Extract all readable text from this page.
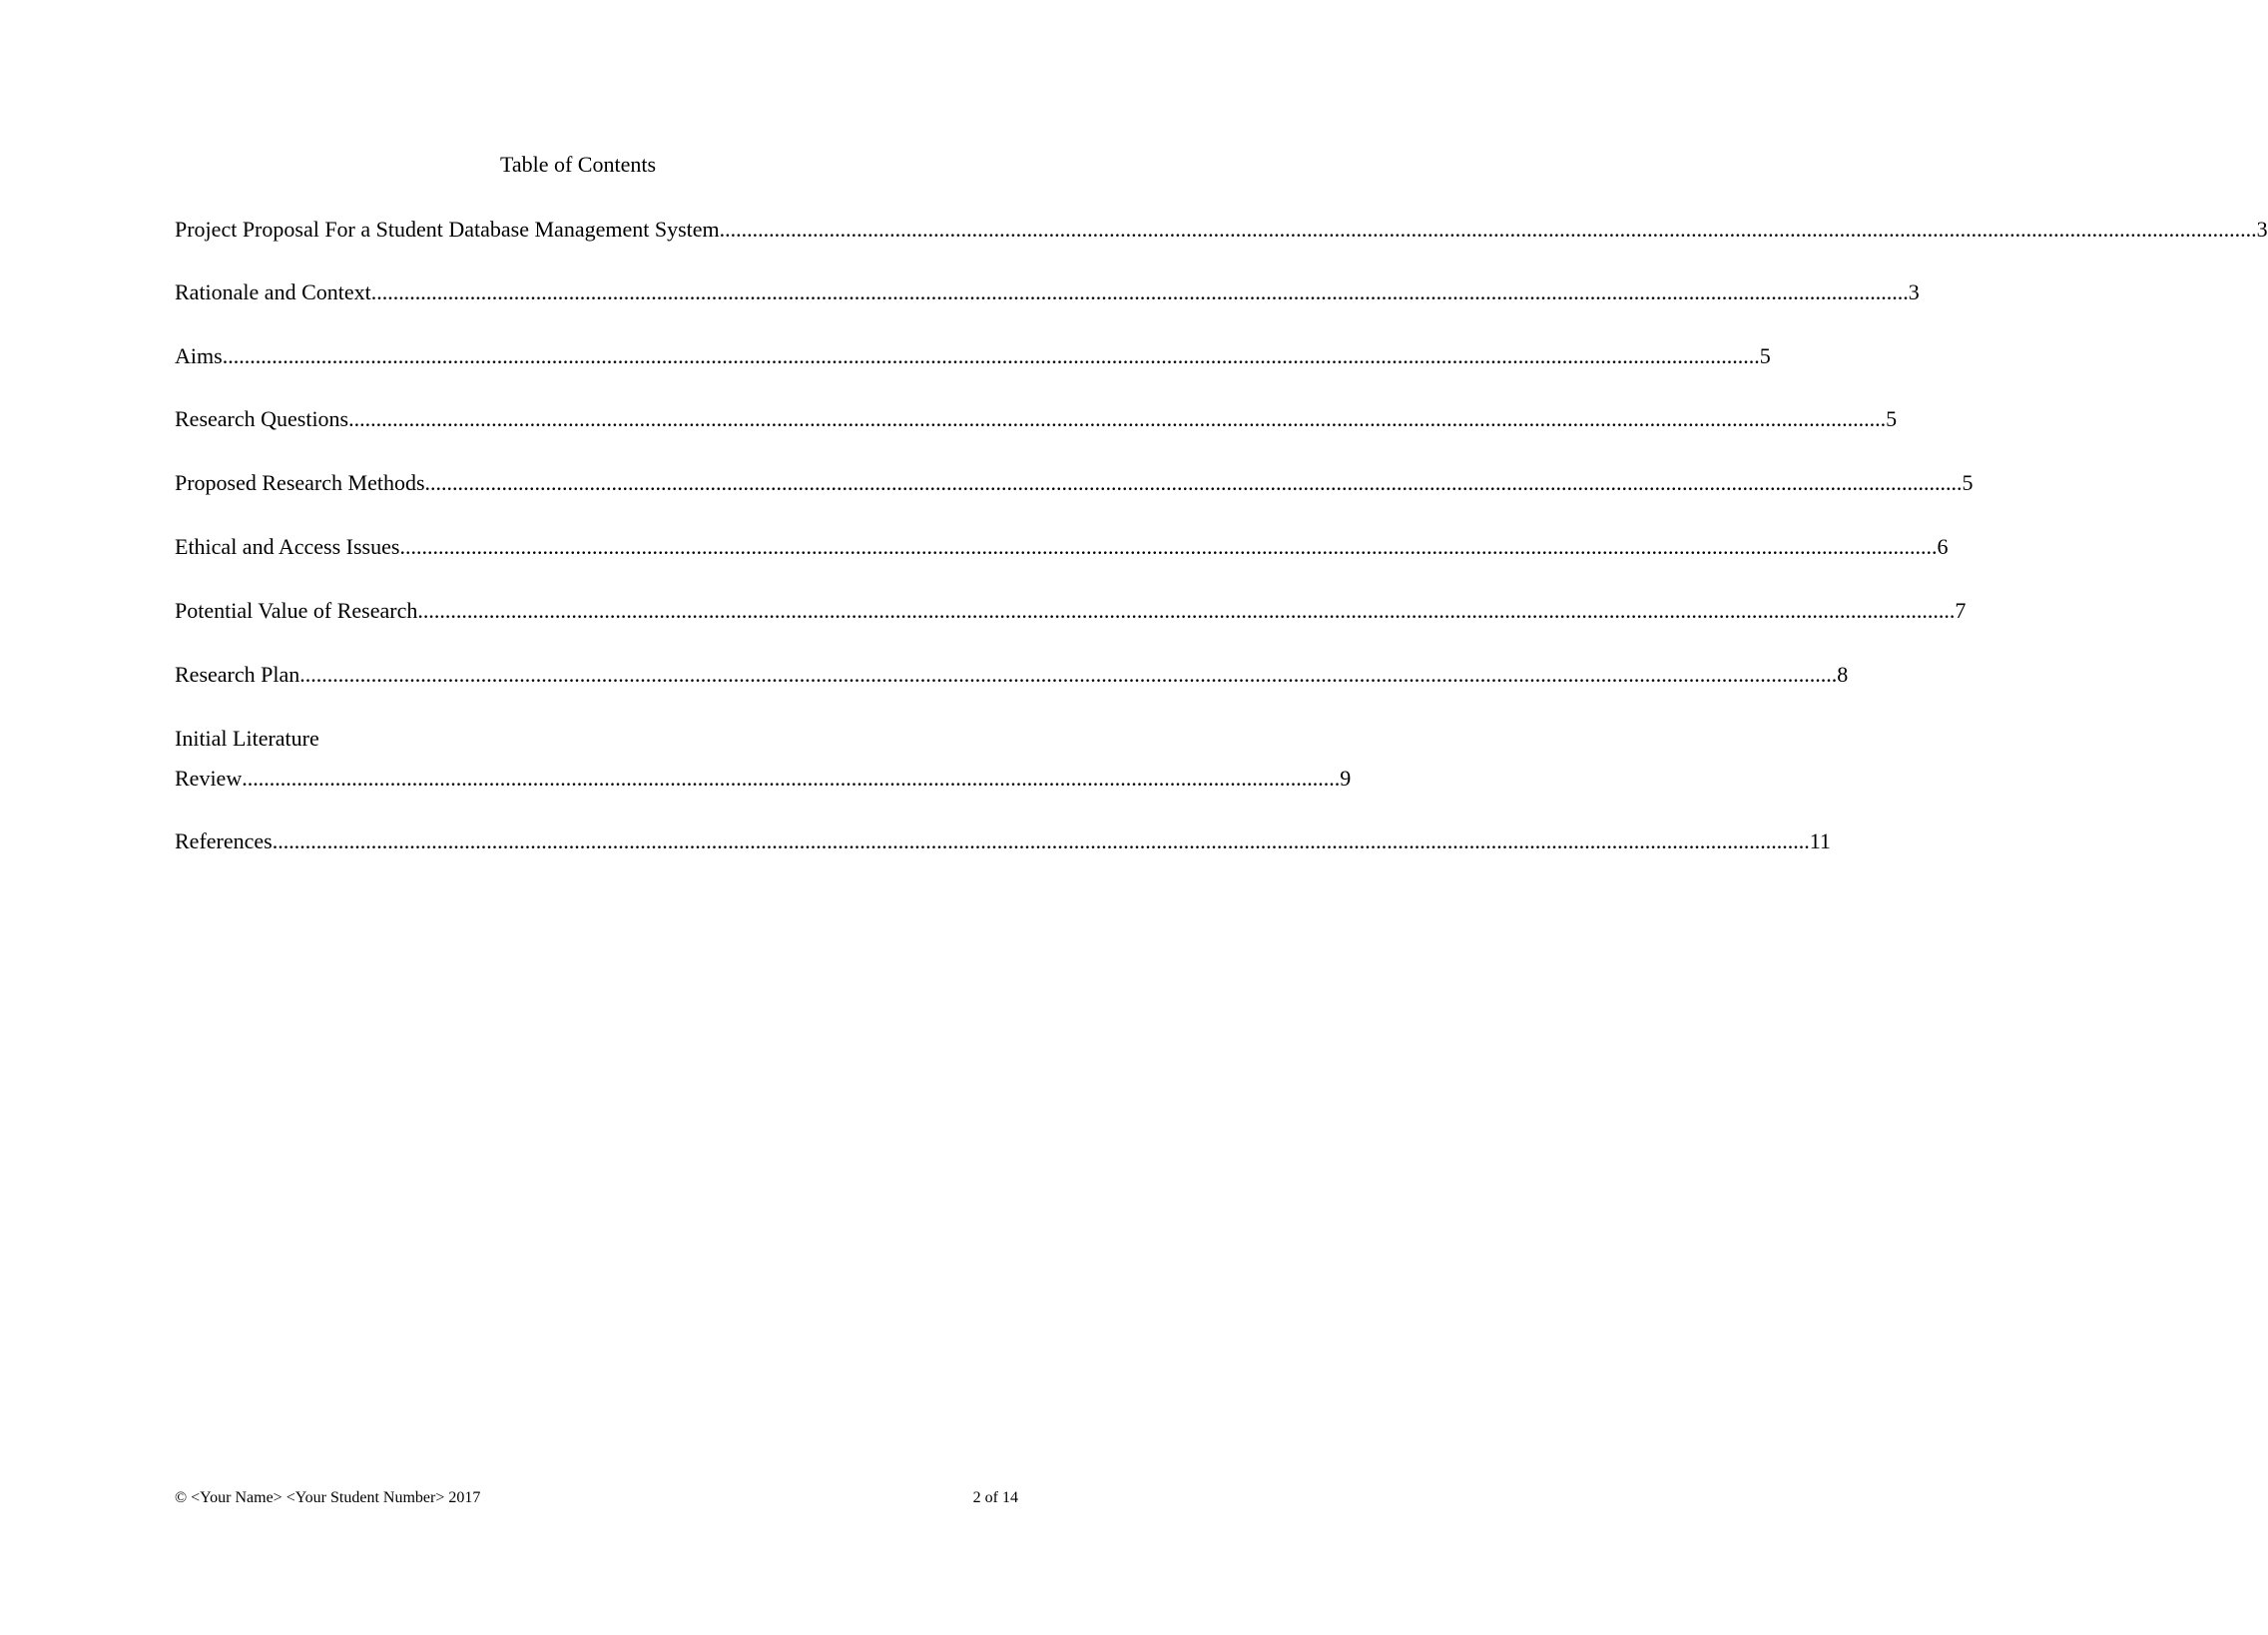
Table of Contents
Project Proposal For a Student Database Management System .....	3
Rationale and Context .....	3
Aims .....	5
Research Questions .....	5
Proposed Research Methods .....	5
Ethical and Access Issues .....	6
Potential Value of Research .....	7
Research Plan .....	8
Initial Literature
Review ........................................................................................................................................................................................................ 9
References .....	11
© <Your Name> <Your Student Number> 2017	2 of 14
